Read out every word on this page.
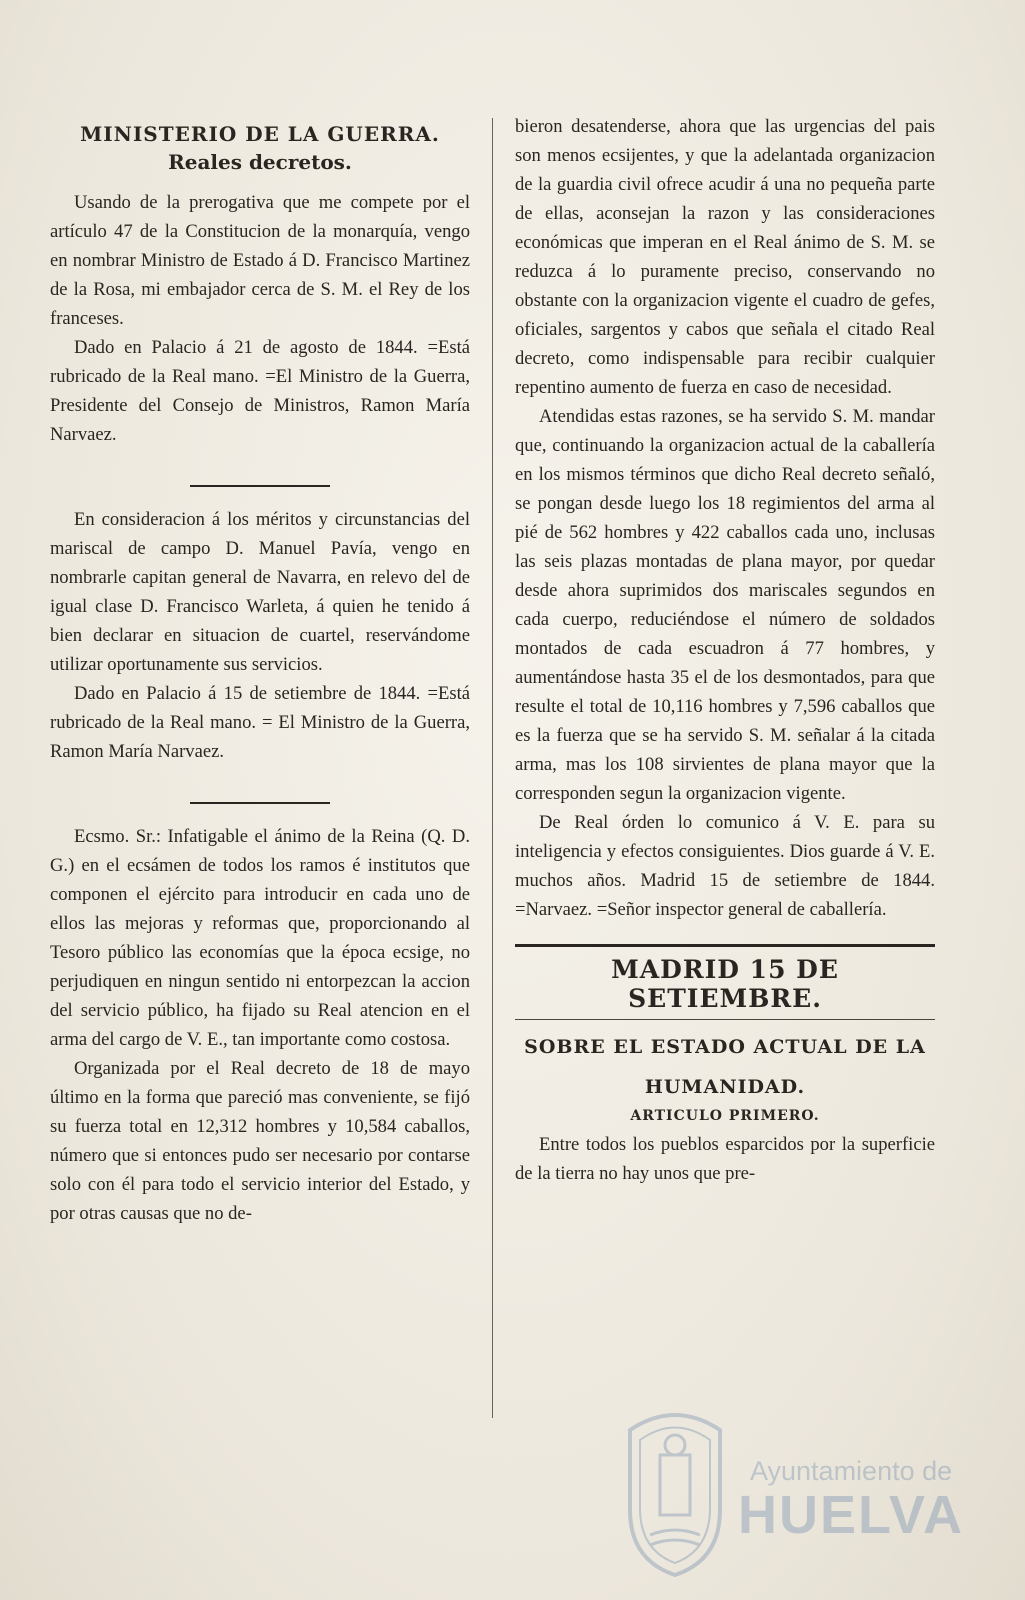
MINISTERIO DE LA GUERRA.
Reales decretos.

Usando de la prerogativa que me compete por el artículo 47 de la Constitucion de la monarquía, vengo en nombrar Ministro de Estado á D. Francisco Martinez de la Rosa, mi embajador cerca de S. M. el Rey de los franceses.

Dado en Palacio á 21 de agosto de 1844. =Está rubricado de la Real mano. =El Ministro de la Guerra, Presidente del Consejo de Ministros, Ramon María Narvaez.

En consideracion á los méritos y circunstancias del mariscal de campo D. Manuel Pavía, vengo en nombrarle capitan general de Navarra, en relevo del de igual clase D. Francisco Warleta, á quien he tenido á bien declarar en situacion de cuartel, reservándome utilizar oportunamente sus servicios.

Dado en Palacio á 15 de setiembre de 1844. =Está rubricado de la Real mano. = El Ministro de la Guerra, Ramon María Narvaez.

Ecsmo. Sr.: Infatigable el ánimo de la Reina (Q. D. G.) en el ecsámen de todos los ramos é institutos que componen el ejército para introducir en cada uno de ellos las mejoras y reformas que, proporcionando al Tesoro público las economías que la época ecsige, no perjudiquen en ningun sentido ni entorpezcan la accion del servicio público, ha fijado su Real atencion en el arma del cargo de V. E., tan importante como costosa.

Organizada por el Real decreto de 18 de mayo último en la forma que pareció mas conveniente, se fijó su fuerza total en 12,312 hombres y 10,584 caballos, número que si entonces pudo ser necesario por contarse solo con él para todo el servicio interior del Estado, y por otras causas que no de-

bieron desatenderse, ahora que las urgencias del pais son menos ecsijentes, y que la adelantada organizacion de la guardia civil ofrece acudir á una no pequeña parte de ellas, aconsejan la razon y las consideraciones económicas que imperan en el Real ánimo de S. M. se reduzca á lo puramente preciso, conservando no obstante con la organizacion vigente el cuadro de gefes, oficiales, sargentos y cabos que señala el citado Real decreto, como indispensable para recibir cualquier repentino aumento de fuerza en caso de necesidad.

Atendidas estas razones, se ha servido S. M. mandar que, continuando la organizacion actual de la caballería en los mismos términos que dicho Real decreto señaló, se pongan desde luego los 18 regimientos del arma al pié de 562 hombres y 422 caballos cada uno, inclusas las seis plazas montadas de plana mayor, por quedar desde ahora suprimidos dos mariscales segundos en cada cuerpo, reduciéndose el número de soldados montados de cada escuadron á 77 hombres, y aumentándose hasta 35 el de los desmontados, para que resulte el total de 10,116 hombres y 7,596 caballos que es la fuerza que se ha servido S. M. señalar á la citada arma, mas los 108 sirvientes de plana mayor que la corresponden segun la organizacion vigente.

De Real órden lo comunico á V. E. para su inteligencia y efectos consiguientes. Dios guarde á V. E. muchos años. Madrid 15 de setiembre de 1844. =Narvaez. =Señor inspector general de caballería.

MADRID 15 DE SETIEMBRE.
SOBRE EL ESTADO ACTUAL DE LA
HUMANIDAD.
ARTICULO PRIMERO.

Entre todos los pueblos esparcidos por la superficie de la tierra no hay unos que pre-

Ayuntamiento de
HUELVA
